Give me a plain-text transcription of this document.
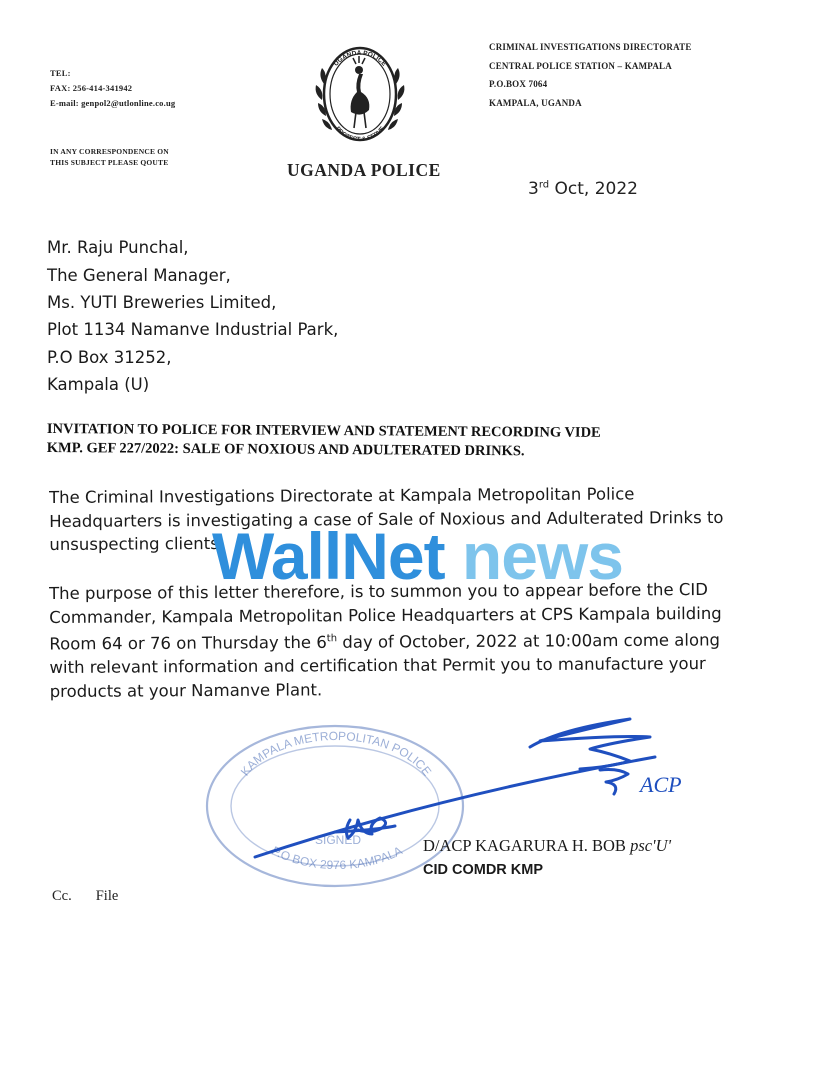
TEL:
FAX: 256-414-341942
E-mail: genpol2@utlonline.co.ug
IN ANY CORRESPONDENCE ON
THIS SUBJECT PLEASE QOUTE
UGANDA POLICE
PROTECT & SERVE
CRIMINAL INVESTIGATIONS DIRECTORATE
CENTRAL POLICE STATION – KAMPALA
P.O.BOX 7064
KAMPALA, UGANDA
UGANDA POLICE
3rd Oct, 2022
Mr. Raju Punchal,
The General Manager,
Ms. YUTI Breweries Limited,
Plot 1134 Namanve Industrial Park,
P.O Box 31252,
Kampala (U)
INVITATION TO POLICE FOR INTERVIEW AND STATEMENT RECORDING VIDE
KMP. GEF 227/2022: SALE OF NOXIOUS AND ADULTERATED DRINKS.
The Criminal Investigations Directorate at Kampala Metropolitan Police Headquarters is investigating a case of Sale of Noxious and Adulterated Drinks to unsuspecting clients.
The purpose of this letter therefore, is to summon you to appear before the CID Commander, Kampala Metropolitan Police Headquarters at CPS Kampala building Room 64 or 76 on Thursday the 6th day of October, 2022 at 10:00am come along with relevant information and certification that Permit you to manufacture your products at your Namanve Plant.
WallNet news
KAMPALA METROPOLITAN POLICE
SIGNED
P.O BOX 2976 KAMPALA
ACP
D/ACP KAGARURA H. BOB psc'U'
CID COMDR KMP
Cc. File
